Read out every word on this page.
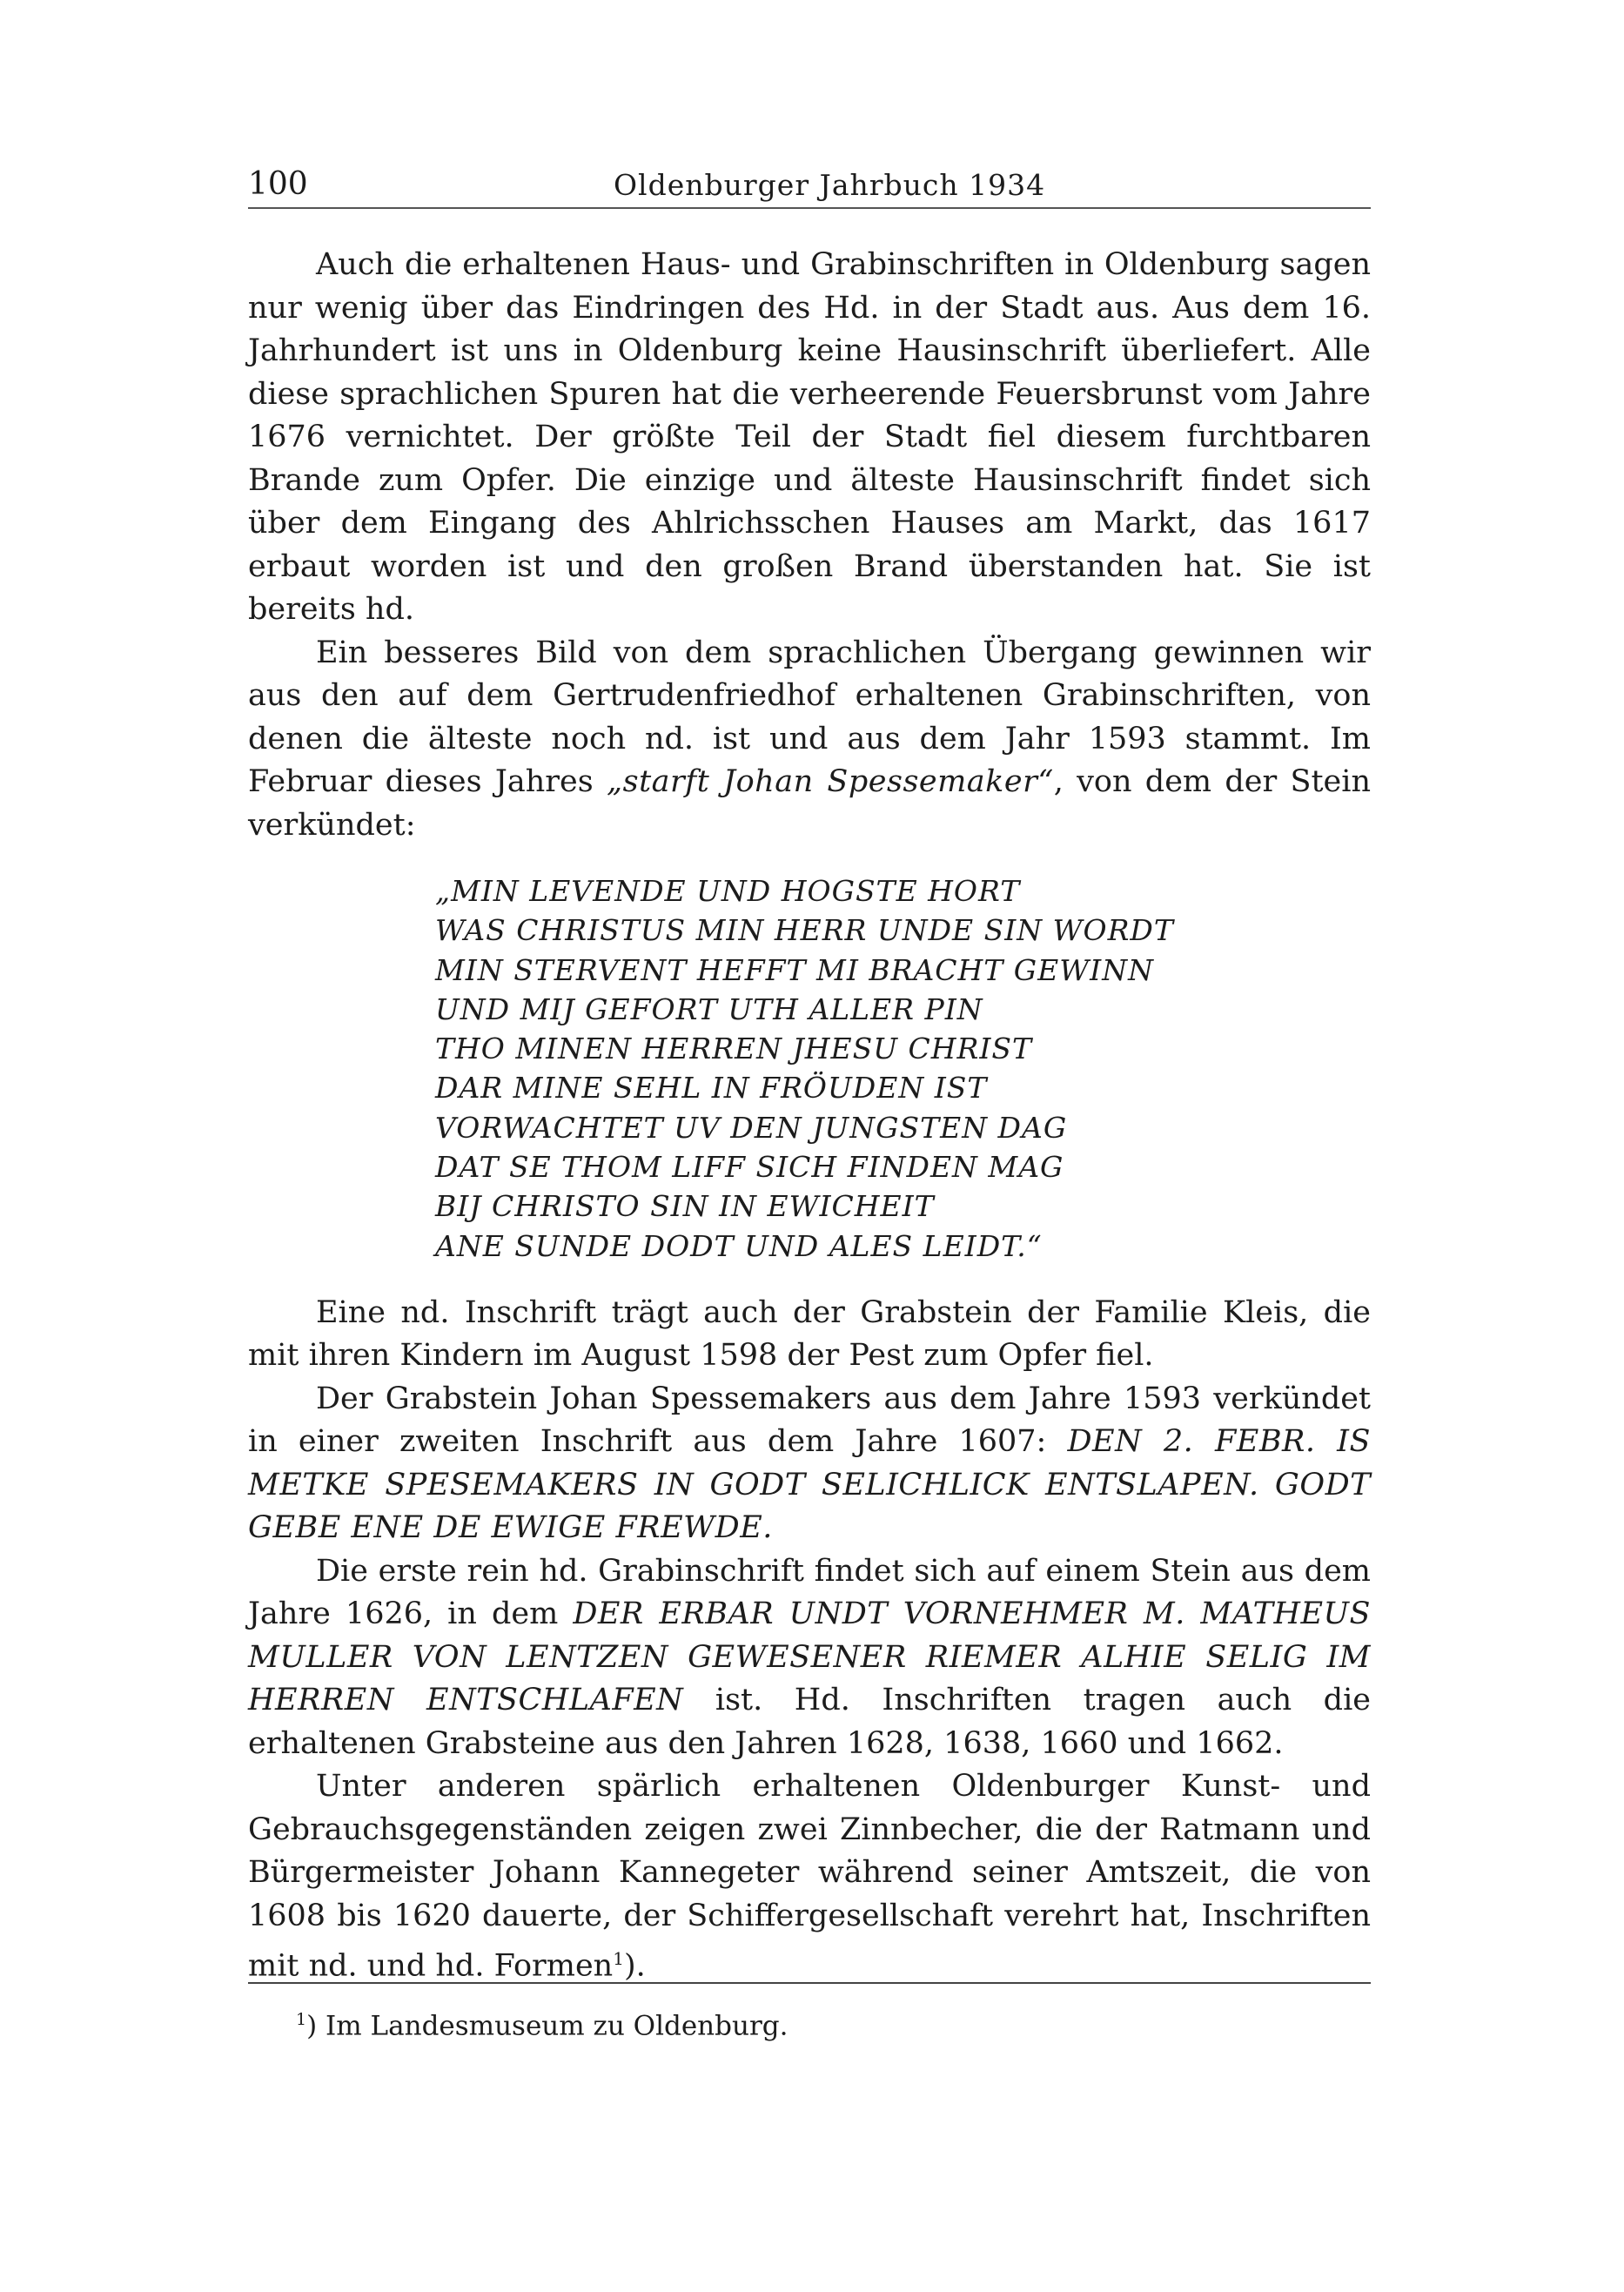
100	Oldenburger Jahrbuch 1934

Auch die erhaltenen Haus- und Grabinschriften in Oldenburg sagen nur wenig über das Eindringen des Hd. in der Stadt aus. Aus dem 16. Jahrhundert ist uns in Oldenburg keine Hausinschrift überliefert. Alle diese sprachlichen Spuren hat die verheerende Feuersbrunst vom Jahre 1676 vernichtet. Der größte Teil der Stadt fiel diesem furchtbaren Brande zum Opfer. Die einzige und älteste Hausinschrift findet sich über dem Eingang des Ahlrichsschen Hauses am Markt, das 1617 erbaut worden ist und den großen Brand überstanden hat. Sie ist bereits hd.

Ein besseres Bild von dem sprachlichen Übergang gewinnen wir aus den auf dem Gertrudenfriedhof erhaltenen Grabinschriften, von denen die älteste noch nd. ist und aus dem Jahr 1593 stammt. Im Februar dieses Jahres „starft Johan Spessemaker“, von dem der Stein verkündet:

„MIN LEVENDE UND HOGSTE HORT
WAS CHRISTUS MIN HERR UNDE SIN WORDT
MIN STERVENT HEFFT MI BRACHT GEWINN
UND MIJ GEFORT UTH ALLER PIN
THO MINEN HERREN JHESU CHRIST
DAR MINE SEHL IN FRÖUDEN IST
VORWACHTET UV DEN JUNGSTEN DAG
DAT SE THOM LIFF SICH FINDEN MAG
BIJ CHRISTO SIN IN EWICHEIT
ANE SUNDE DODT UND ALES LEIDT.“

Eine nd. Inschrift trägt auch der Grabstein der Familie Kleis, die mit ihren Kindern im August 1598 der Pest zum Opfer fiel.

Der Grabstein Johan Spessemakers aus dem Jahre 1593 verkündet in einer zweiten Inschrift aus dem Jahre 1607: DEN 2. FEBR. IS METKE SPESEMAKERS IN GODT SELICHLICK ENTSLAPEN. GODT GEBE ENE DE EWIGE FREWDE.

Die erste rein hd. Grabinschrift findet sich auf einem Stein aus dem Jahre 1626, in dem DER ERBAR UNDT VORNEHMER M. MATHEUS MULLER VON LENTZEN GEWESENER RIEMER ALHIE SELIG IM HERREN ENTSCHLAFEN ist. Hd. Inschriften tragen auch die erhaltenen Grabsteine aus den Jahren 1628, 1638, 1660 und 1662.

Unter anderen spärlich erhaltenen Oldenburger Kunst- und Gebrauchsgegenständen zeigen zwei Zinnbecher, die der Ratmann und Bürgermeister Johann Kannegeter während seiner Amtszeit, die von 1608 bis 1620 dauerte, der Schiffergesellschaft verehrt hat, Inschriften mit nd. und hd. Formen$^1$).

$^1$) Im Landesmuseum zu Oldenburg.
